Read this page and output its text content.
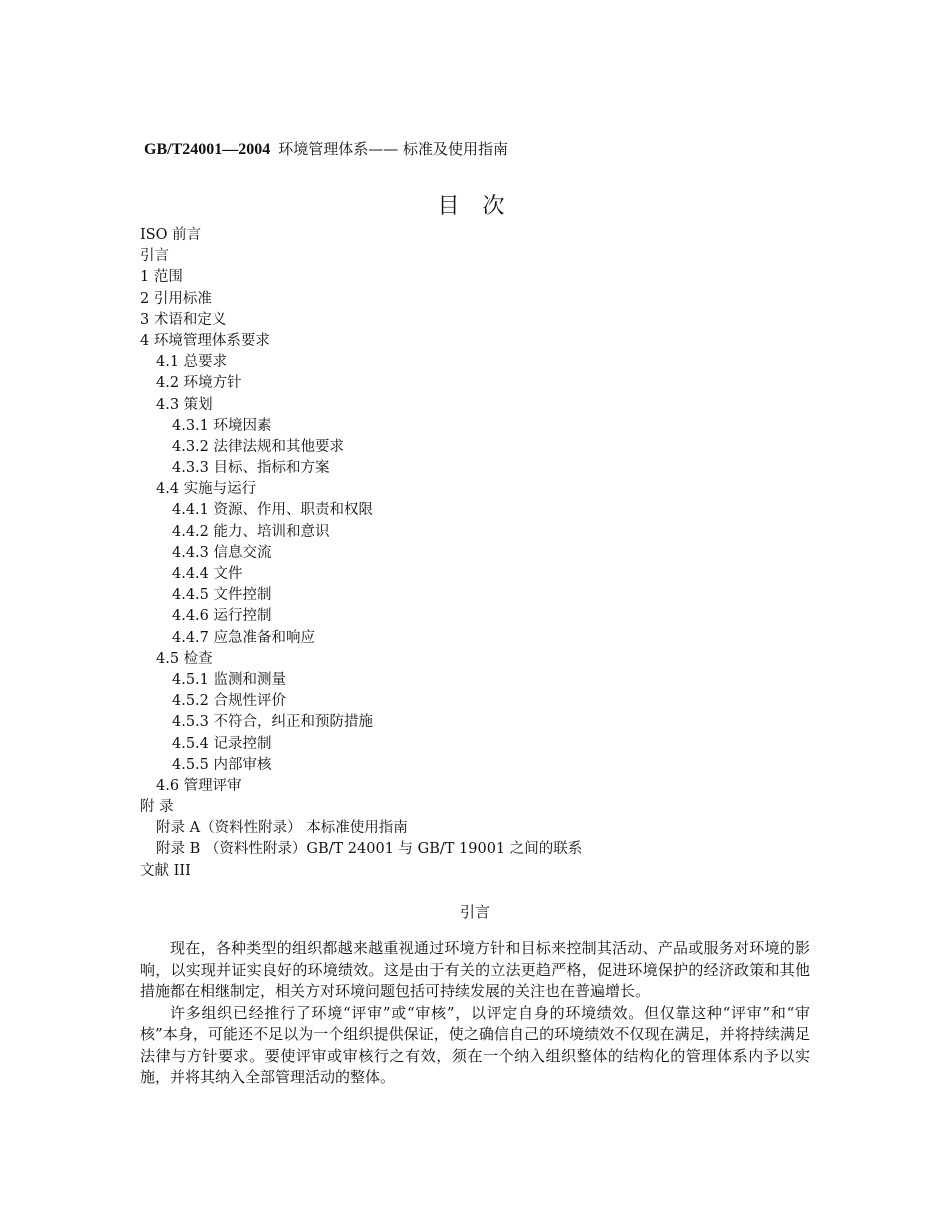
GB/T24001—2004 环境管理体系—— 标准及使用指南
目 次
ISO 前言
引言
1 范围
2 引用标准
3 术语和定义
4 环境管理体系要求
4.1 总要求
4.2 环境方针
4.3 策划
4.3.1 环境因素
4.3.2 法律法规和其他要求
4.3.3 目标、指标和方案
4.4 实施与运行
4.4.1 资源、作用、职责和权限
4.4.2 能力、培训和意识
4.4.3 信息交流
4.4.4 文件
4.4.5 文件控制
4.4.6 运行控制
4.4.7 应急准备和响应
4.5 检查
4.5.1 监测和测量
4.5.2 合规性评价
4.5.3 不符合，纠正和预防措施
4.5.4 记录控制
4.5.5 内部审核
4.6 管理评审
附 录
附录 A（资料性附录） 本标准使用指南
附录 B （资料性附录）GB/T 24001 与 GB/T 19001 之间的联系
文献 III
引言

现在，各种类型的组织都越来越重视通过环境方针和目标来控制其活动、产品或服务对环境的影响，以实现并证实良好的环境绩效。这是由于有关的立法更趋严格，促进环境保护的经济政策和其他措施都在相继制定，相关方对环境问题包括可持续发展的关注也在普遍增长。

许多组织已经推行了环境“评审”或“审核”，以评定自身的环境绩效。但仅靠这种“评审”和“审核”本身，可能还不足以为一个组织提供保证，使之确信自己的环境绩效不仅现在满足，并将持续满足法律与方针要求。要使评审或审核行之有效，须在一个纳入组织整体的结构化的管理体系内予以实施，并将其纳入全部管理活动的整体。
